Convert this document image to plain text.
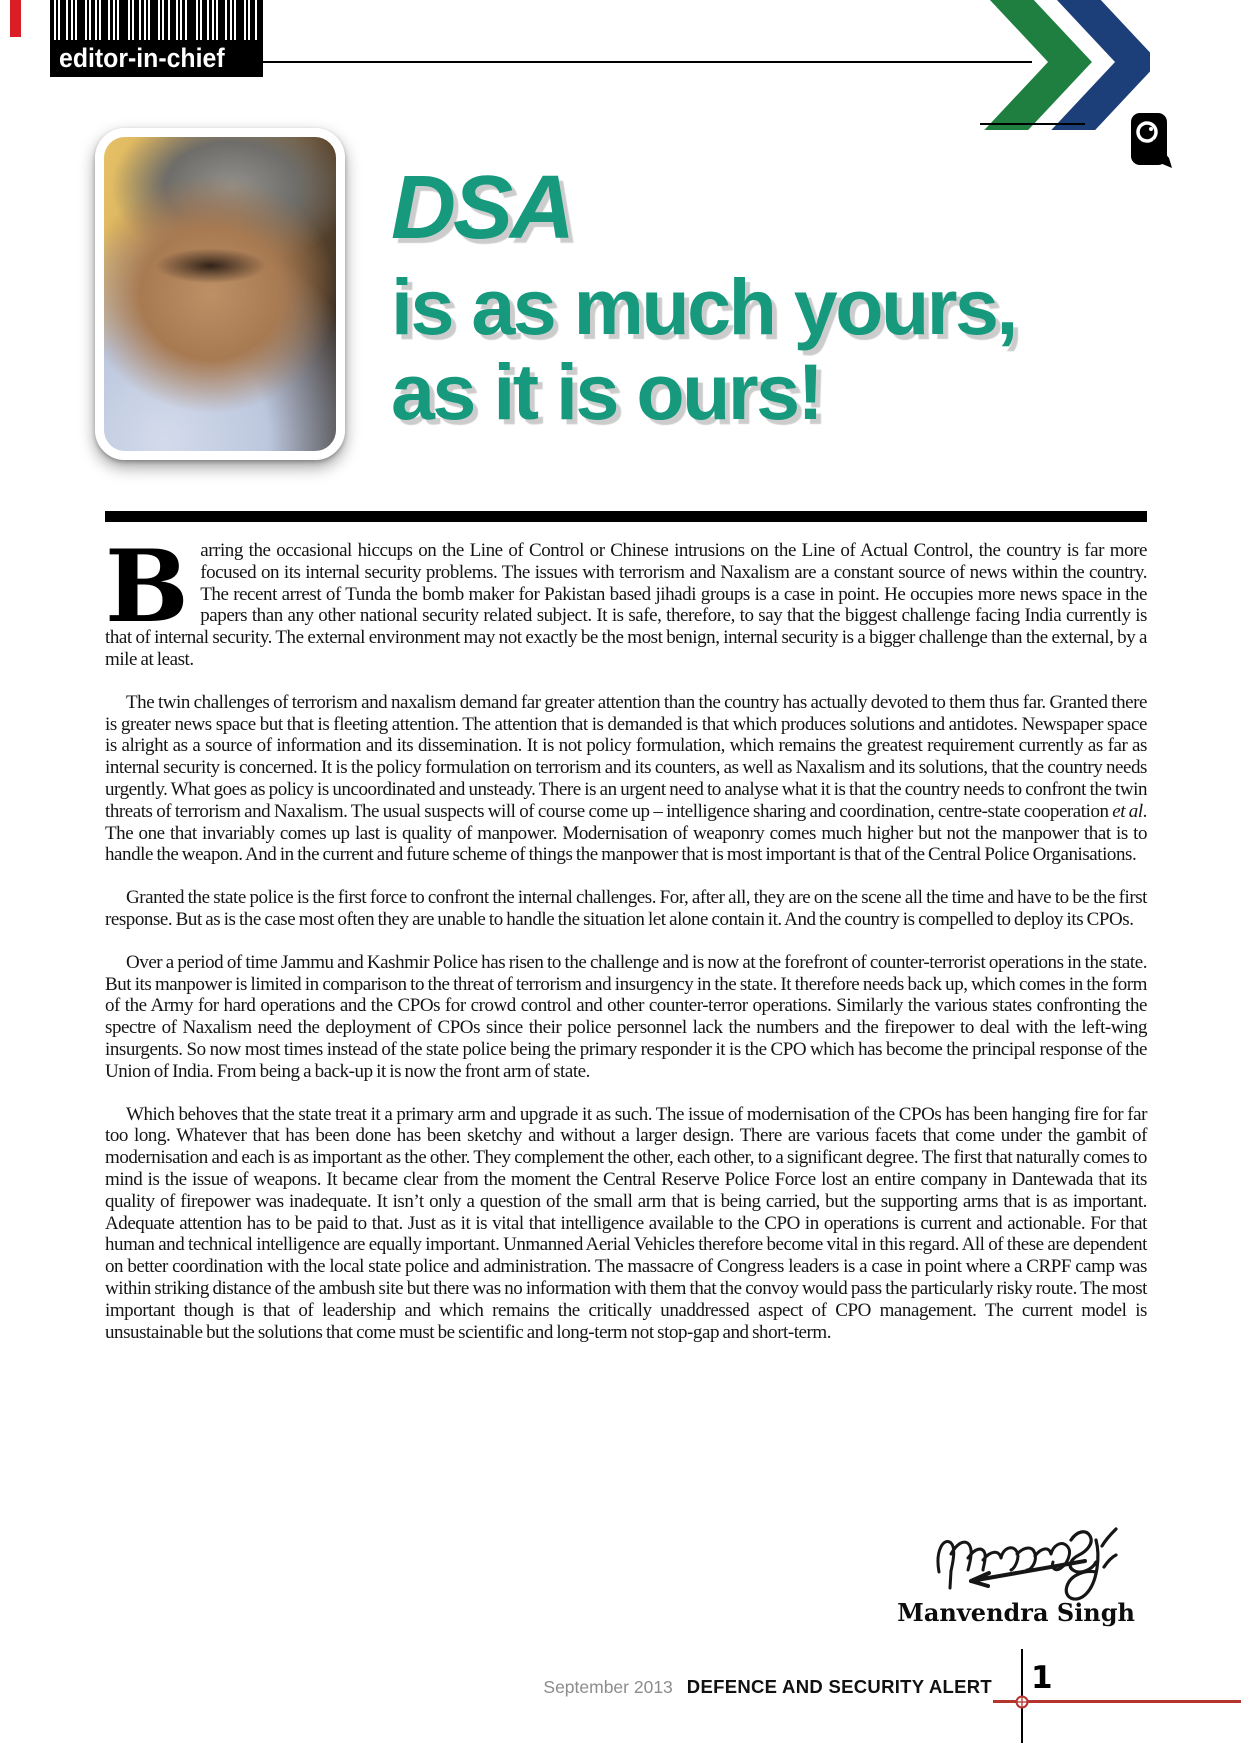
editor-in-chief
DSA
is as much yours,
as it is ours!

Barring the occasional hiccups on the Line of Control or Chinese intrusions on the Line of Actual Control, the country is far more focused on its internal security problems. The issues with terrorism and Naxalism are a constant source of news within the country. The recent arrest of Tunda the bomb maker for Pakistan based jihadi groups is a case in point. He occupies more news space in the papers than any other national security related subject. It is safe, therefore, to say that the biggest challenge facing India currently is that of internal security. The external environment may not exactly be the most benign, internal security is a bigger challenge than the external, by a mile at least.

The twin challenges of terrorism and naxalism demand far greater attention than the country has actually devoted to them thus far. Granted there is greater news space but that is fleeting attention. The attention that is demanded is that which produces solutions and antidotes. Newspaper space is alright as a source of information and its dissemination. It is not policy formulation, which remains the greatest requirement currently as far as internal security is concerned. It is the policy formulation on terrorism and its counters, as well as Naxalism and its solutions, that the country needs urgently. What goes as policy is uncoordinated and unsteady. There is an urgent need to analyse what it is that the country needs to confront the twin threats of terrorism and Naxalism. The usual suspects will of course come up – intelligence sharing and coordination, centre-state cooperation et al. The one that invariably comes up last is quality of manpower. Modernisation of weaponry comes much higher but not the manpower that is to handle the weapon. And in the current and future scheme of things the manpower that is most important is that of the Central Police Organisations.

Granted the state police is the first force to confront the internal challenges. For, after all, they are on the scene all the time and have to be the first response. But as is the case most often they are unable to handle the situation let alone contain it. And the country is compelled to deploy its CPOs.

Over a period of time Jammu and Kashmir Police has risen to the challenge and is now at the forefront of counter-terrorist operations in the state. But its manpower is limited in comparison to the threat of terrorism and insurgency in the state. It therefore needs back up, which comes in the form of the Army for hard operations and the CPOs for crowd control and other counter-terror operations. Similarly the various states confronting the spectre of Naxalism need the deployment of CPOs since their police personnel lack the numbers and the firepower to deal with the left-wing insurgents. So now most times instead of the state police being the primary responder it is the CPO which has become the principal response of the Union of India. From being a back-up it is now the front arm of state.

Which behoves that the state treat it a primary arm and upgrade it as such. The issue of modernisation of the CPOs has been hanging fire for far too long. Whatever that has been done has been sketchy and without a larger design. There are various facets that come under the gambit of modernisation and each is as important as the other. They complement the other, each other, to a significant degree. The first that naturally comes to mind is the issue of weapons. It became clear from the moment the Central Reserve Police Force lost an entire company in Dantewada that its quality of firepower was inadequate. It isn’t only a question of the small arm that is being carried, but the supporting arms that is as important. Adequate attention has to be paid to that. Just as it is vital that intelligence available to the CPO in operations is current and actionable. For that human and technical intelligence are equally important. Unmanned Aerial Vehicles therefore become vital in this regard. All of these are dependent on better coordination with the local state police and administration. The massacre of Congress leaders is a case in point where a CRPF camp was within striking distance of the ambush site but there was no information with them that the convoy would pass the particularly risky route. The most important though is that of leadership and which remains the critically unaddressed aspect of CPO management. The current model is unsustainable but the solutions that come must be scientific and long-term not stop-gap and short-term.

Manvendra Singh
September 2013 DEFENCE AND SECURITY ALERT 1
